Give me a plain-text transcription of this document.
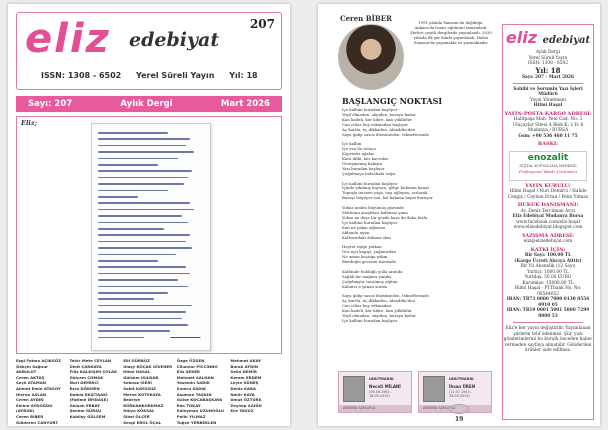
eliz edebiyat
207
ISSN: 1308 - 6502 Yerel Süreli Yayın Yıl: 18
Sayı: 207	Aylık Dergi	Mart 2026
Eliz;
Ezgi Fatma AÇIKGÖZ
Gökçin Sağnur AKBULUT
Ceren AKTAŞ
Seçil ATAMAN
Ahmet Emin ATASOY
Hicran ASLAN
Ceren AYDIN
Emine AYDOĞDU (AYRUN)
Ceren BİBER
Gülderen CANYURT
Tahir Mete CEYLAN
Ümit ÇANKAYA
Filiz KALKIŞIM ÇOLAK
Gülçem ÇOMAK
Nuri DEMİRCİ
Esra DÖKMEN
Damla EKŞİTAAKİ (Fatime İBYDAŞE)
Gülşah ERBAY
Şenem GÜRSU
Kubilay GÜLSEM
Elif GÜRBÜZ
Ulaşy KOÇAK GİVENER
Hilmi HASAL
Gülsüm ISILDAR
Sebnaz İSERİ
Sabit KAYGISIZ
Merve KOTEKAYA
Bedriye KORKANKORKMAZ
Hülya KÖKSAL
Sibel ÖLÇER
Sevgi EROL ÖÇAL
Özge ÖZGEN
Cihanlar PİCCİNNO
Eliz ŞEKER
Mehmet SALHAN
Yasemin SADIK
Sumru SADIK
Asuman TAŞKIN
Gülse KOCABAŞKAYA
Eda TOKAY
Süleyman UZUNOĞLU
Pelin YILMAZ
Tuğçe YERBEKLEN
Mehmet AKAY
Burak AYDIN
Selin DEMİR
Kerem ERDEM
Leyla GÜNEŞ
Deniz KARA
Nehir KAYA
Umut ÖZTÜRK
Zeynep ŞAHİN
Ece YAVUZ
Ceren BİBER	1991 yılında Samsun'da doğduğu. Ankara'da lisans eğitimini tamamladı. Şiirleri çeşitli dergilerde yayımlandı. 2020 yılında ilk şiir kitabı yayımlandı. Halen Samsun'da yaşamakta ve yazmaktadır.
BAŞLANGIÇ NOKTASI

İçe kalbini buradan başlıyor
Yeşil elmadan, okyiden, buraya kadar
Kan kadeh, kör kibre, kan yüklüdür
Can ciltar buy eskmadan başlıyor
Aç kurtlu, üç dikkaden, Alaaddin'den
Saya gidip sasoz düzsüneden, tekneftezinde

İçe kalbin
İçe eva ile tutaça
Köprüsüz ağzlar
Kara dilbi, kör kavrular
Göröşmemiş bakışta
Yası buradan başlıyor
Çoğalmaya bulsahaki salya

İçe kalbini buradan başlıyor
Içinde yıkılmış hayvan, gölge bulunan kanat
Toprağı incinen yaşa, taşı ağlayan, acılarak
Burayı büyüyor sen, bir bakıma hepsi kuruyor

Yokuz neden büyümüş gözünde
Matbunu araştıkça kalbimiz yana
Yoksa ne düşe bir gözde kara da daha fazla
İçe kalbini buradan başlıyor
Kan ne yakın ağlarına
Akbunlu uyan
Kalboradaki dolmaz olan

Hayret eşiğe yatkan
Göz açtı kapıyı, yağmurdan
Ne aman kaçtığa yakın
Bendeğin gecenin üzerinde

Kalbinde buldağlı yolla aranda
Sağlık bir mağara yanılış
Çoğalmıştır tutulmuş eğitim
Kabarcı a yanan surası

Saya gidip sasoz düzsüneden, tekneftezinde
Aç kurtlu, üç dikkaden, Alaaddin'den
Can ciltar buy eskmadan
Kan kadeh, kör kibre, kan yüklüdür
Yeşil elmadan, okyiden, buraya kadar
İçe kalbini buradan başlıyor

UNUTMADIK
Necati MİLANİ
(06.08.1961 - 16.09.2015)
ANISINA SAYGIYLA
UNUTMADIK
İhsan ÜREN
(12.07.1943 - 26.03.2019)
ANISINA SAYGIYLA
19
eliz edebiyat
Aylık Dergi
Yerel Süreli Yayın
ISSN: 1308 - 6502
Yıl: 18
Sayı: 207 - Mart 2026
Sahibi ve Sorumlu Yazı İşleri Müdürü
Yayın Yönetmeni
Hilmi Haşal
YAYIN-POSTA-KARGO ADRESİ:
Halitpaşa Mah. Yeni Cad. No: 3 Uluçaylar Sitesi A Blok K: 2 D: 6 Mudanya / BURSA
Gsm: +90 536 460 11 75
BASKI:
enozalit
DİJİTAL KOPYALAMA MERKEZİ
Profesyonel Baskı Çözümleri
YAYIN KURULU:
Hilmi Haşal / Nuri Demirci / Halide Cengiz / Ceyhun Ertan / Pelin Yılmaz
HUKUK DANIŞMANI:
Av. Deniz Tercüman Arıcı
Eliz Edebiyat Mudanya Bursa
www.facebook.com/eliz.haşal
www.elizedebiyat.blogspot.com
YAZIŞMA ADRESİ:
eliz@elizedebiyat.com
KATKI İÇİN:
Bir Sayı: 100.00 TL
(Kargo Ücreti Alıcıya Aittir)
Bir Yıl Abonelik (12 Sayı)
Yurtiçi: 1000.00 TL
Yurtdışı: 50.00 EURO
Kurumlar: 15000.00 TL
Hilmi Haşal - PTTbank Hs. No: 00544053
IBAN: TR73 0000 7000 0130 0556 0910 05
IBAN: TR19 0001 5001 5800 7299 0000 53
Eliz'e her yayın değiştirilir. Yayımlanan şiirlerin telif ödenmez. Şiir, yazı gönderimlerini bu kurallı önceden haber vermeden sayfaya alınabilir. Gönderilen ürünler iade edilmez.
